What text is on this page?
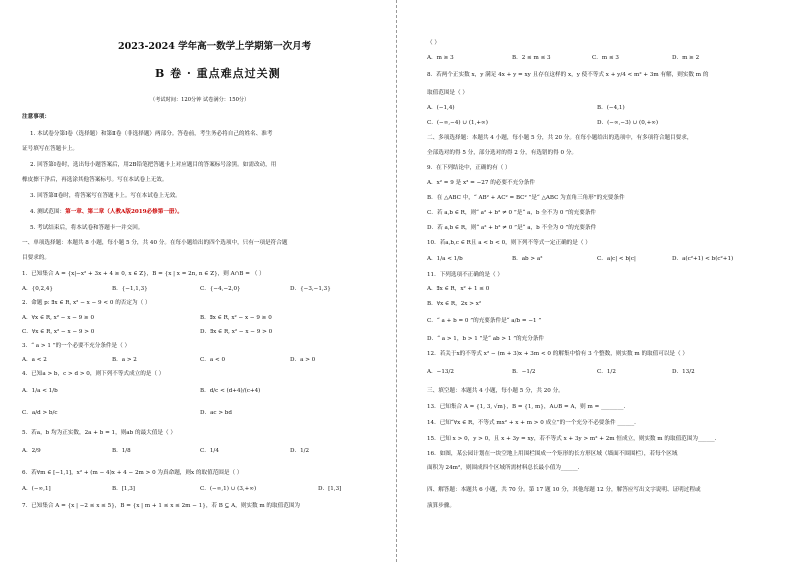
2023-2024 学年高一数学上学期第一次月考
B 卷 · 重点难点过关测
（考试时间：120分钟 试卷满分：150分）
注意事项：
1. 本试卷分第Ⅰ卷（选择题）和第Ⅱ卷（非选择题）两部分。答卷前，考生务必将自己的姓名、准考
证号填写在答题卡上。
2. 回答第Ⅰ卷时，选出每小题答案后，用2B铅笔把答题卡上对应题目的答案标号涂黑。如需改动，用
橡皮擦干净后，再选涂其他答案标号。写在本试卷上无效。
3. 回答第Ⅱ卷时，将答案写在答题卡上。写在本试卷上无效。
4. 测试范围：第一章、第二章（人教A版2019必修第一册）。
5. 考试结束后，将本试卷和答题卡一并交回。
一、单项选择题：本题共 8 小题，每小题 5 分，共 40 分。在每小题给出的四个选项中，只有一项是符合题
目要求的。
1．已知集合 A = {x|−x² + 3x + 4 ≥ 0, x ∈ Z}，B = {x | x = 2n, n ∈ Z}，则 A∩B = （ ）
A．{0,2,4}	B．{−1,1,3}	C．{−4,−2,0}	D．{−3,−1,3}
2．命题 p: ∃x ∈ R, x² − x − 9 < 0 的否定为（ ）
A．∀x ∈ R, x² − x − 9 ≥ 0	B．∃x ∈ R, x² − x − 9 ≥ 0
C．∀x ∈ R, x² − x − 9 > 0	D．∃x ∈ R, x² − x − 9 > 0
3．“ a > 1 ”的一个必要不充分条件是（ ）
A．a < 2	B．a > 2	C．a < 0	D．a > 0
4．已知a > b，c > d > 0，则下列不等式成立的是（ ）
A．1/a < 1/b	B．d/c < (d+4)/(c+4)
C．a/d > b/c	D．ac > bd
5．若a，b 均为正实数，2a + b = 1，则ab 的最大值是（ ）
A．2/9	B．1/8	C．1/4	D．1/2
6．若∀m ∈ [−1,1]，x² + (m − 4)x + 4 − 2m > 0 为真命题，则x 的取值范围是（ ）
A．(−∞,1]	B．[1,3]	C．(−∞,1) ∪ (3,+∞)	D．[1,3]
7．已知集合 A = {x | −2 ≤ x ≤ 5}，B = {x | m + 1 ≤ x ≤ 2m − 1}，若 B ⊆ A，则实数 m 的取值范围为
（ ）
A．m ≥ 3	B．2 ≤ m ≤ 3	C．m ≤ 3	D．m ≥ 2
8．若两个正实数 x，y 满足 4x + y = xy 且存在这样的 x，y 使不等式 x + y/4 < m² + 3m 有解，则实数 m 的
取值范围是（ ）
A．(−1,4)	B．(−4,1)
C．(−∞,−4) ∪ (1,+∞)	D．(−∞,−3) ∪ (0,+∞)
二、多项选择题：本题共 4 小题，每小题 5 分，共 20 分。在每小题给出的选项中，有多项符合题目要求，
全部选对的得 5 分，部分选对的得 2 分，有选错的得 0 分。
9．在下列结论中，正确的有（ ）
A．x² = 9 是 x³ = −27 的必要不充分条件
B．在 △ABC 中，“ AB² + AC² = BC² ”是“ △ABC 为直角三角形”的充要条件
C．若 a,b ∈ R，则“ a² + b² ≠ 0 ”是“ a，b 全不为 0 ”的充要条件
D．若 a,b ∈ R，则“ a² + b² ≠ 0 ”是“ a，b 不全为 0 ”的充要条件
10．若a,b,c ∈ R且 a < b < 0，则下列不等式一定正确的是（ ）
A．1/a < 1/b	B．ab > a²	C．a|c| < b|c|	D．a(c²+1) < b(c²+1)
11．下列选项不正确的是（ ）
A．∃x ∈ R，x² + 1 ≤ 0
B．∀x ∈ R，2x > x²
C．“ a + b = 0 ”的充要条件是“ a/b = −1 ”
D．“ a > 1，b > 1 ”是“ ab > 1 ”的充分条件
12．若关于x的不等式 x² − (m + 3)x + 3m < 0 的解集中恰有 3 个整数，则实数 m 的取值可以是（ ）
A．−13/2	B．−1/2	C．1/2	D．13/2
三、填空题：本题共 4 小题，每小题 5 分，共 20 分。
13．已知集合 A = {1, 3, √m}，B = {1, m}，A∪B = A，则 m = ________.
14．已知“∀x ∈ R，不等式 mx² + x + m > 0 成立”的一个充分不必要条件 ______.
15．已知 x > 0，y > 0，且 x + 3y = xy，若不等式 x + 3y > m² + 2m 恒成立，则实数 m 的取值范围为______.
16．如图，某公园计划在一块空地上用围栏围成一个矩形的长方形区域（墙面不围围栏），若每个区域
面积为 24m²，则围成四个区域所需材料总长最小值为______.
四、解答题：本题共 6 小题，共 70 分。第 17 题 10 分，其他每题 12 分，解答应写出文字说明、证明过程或
演算步骤。
